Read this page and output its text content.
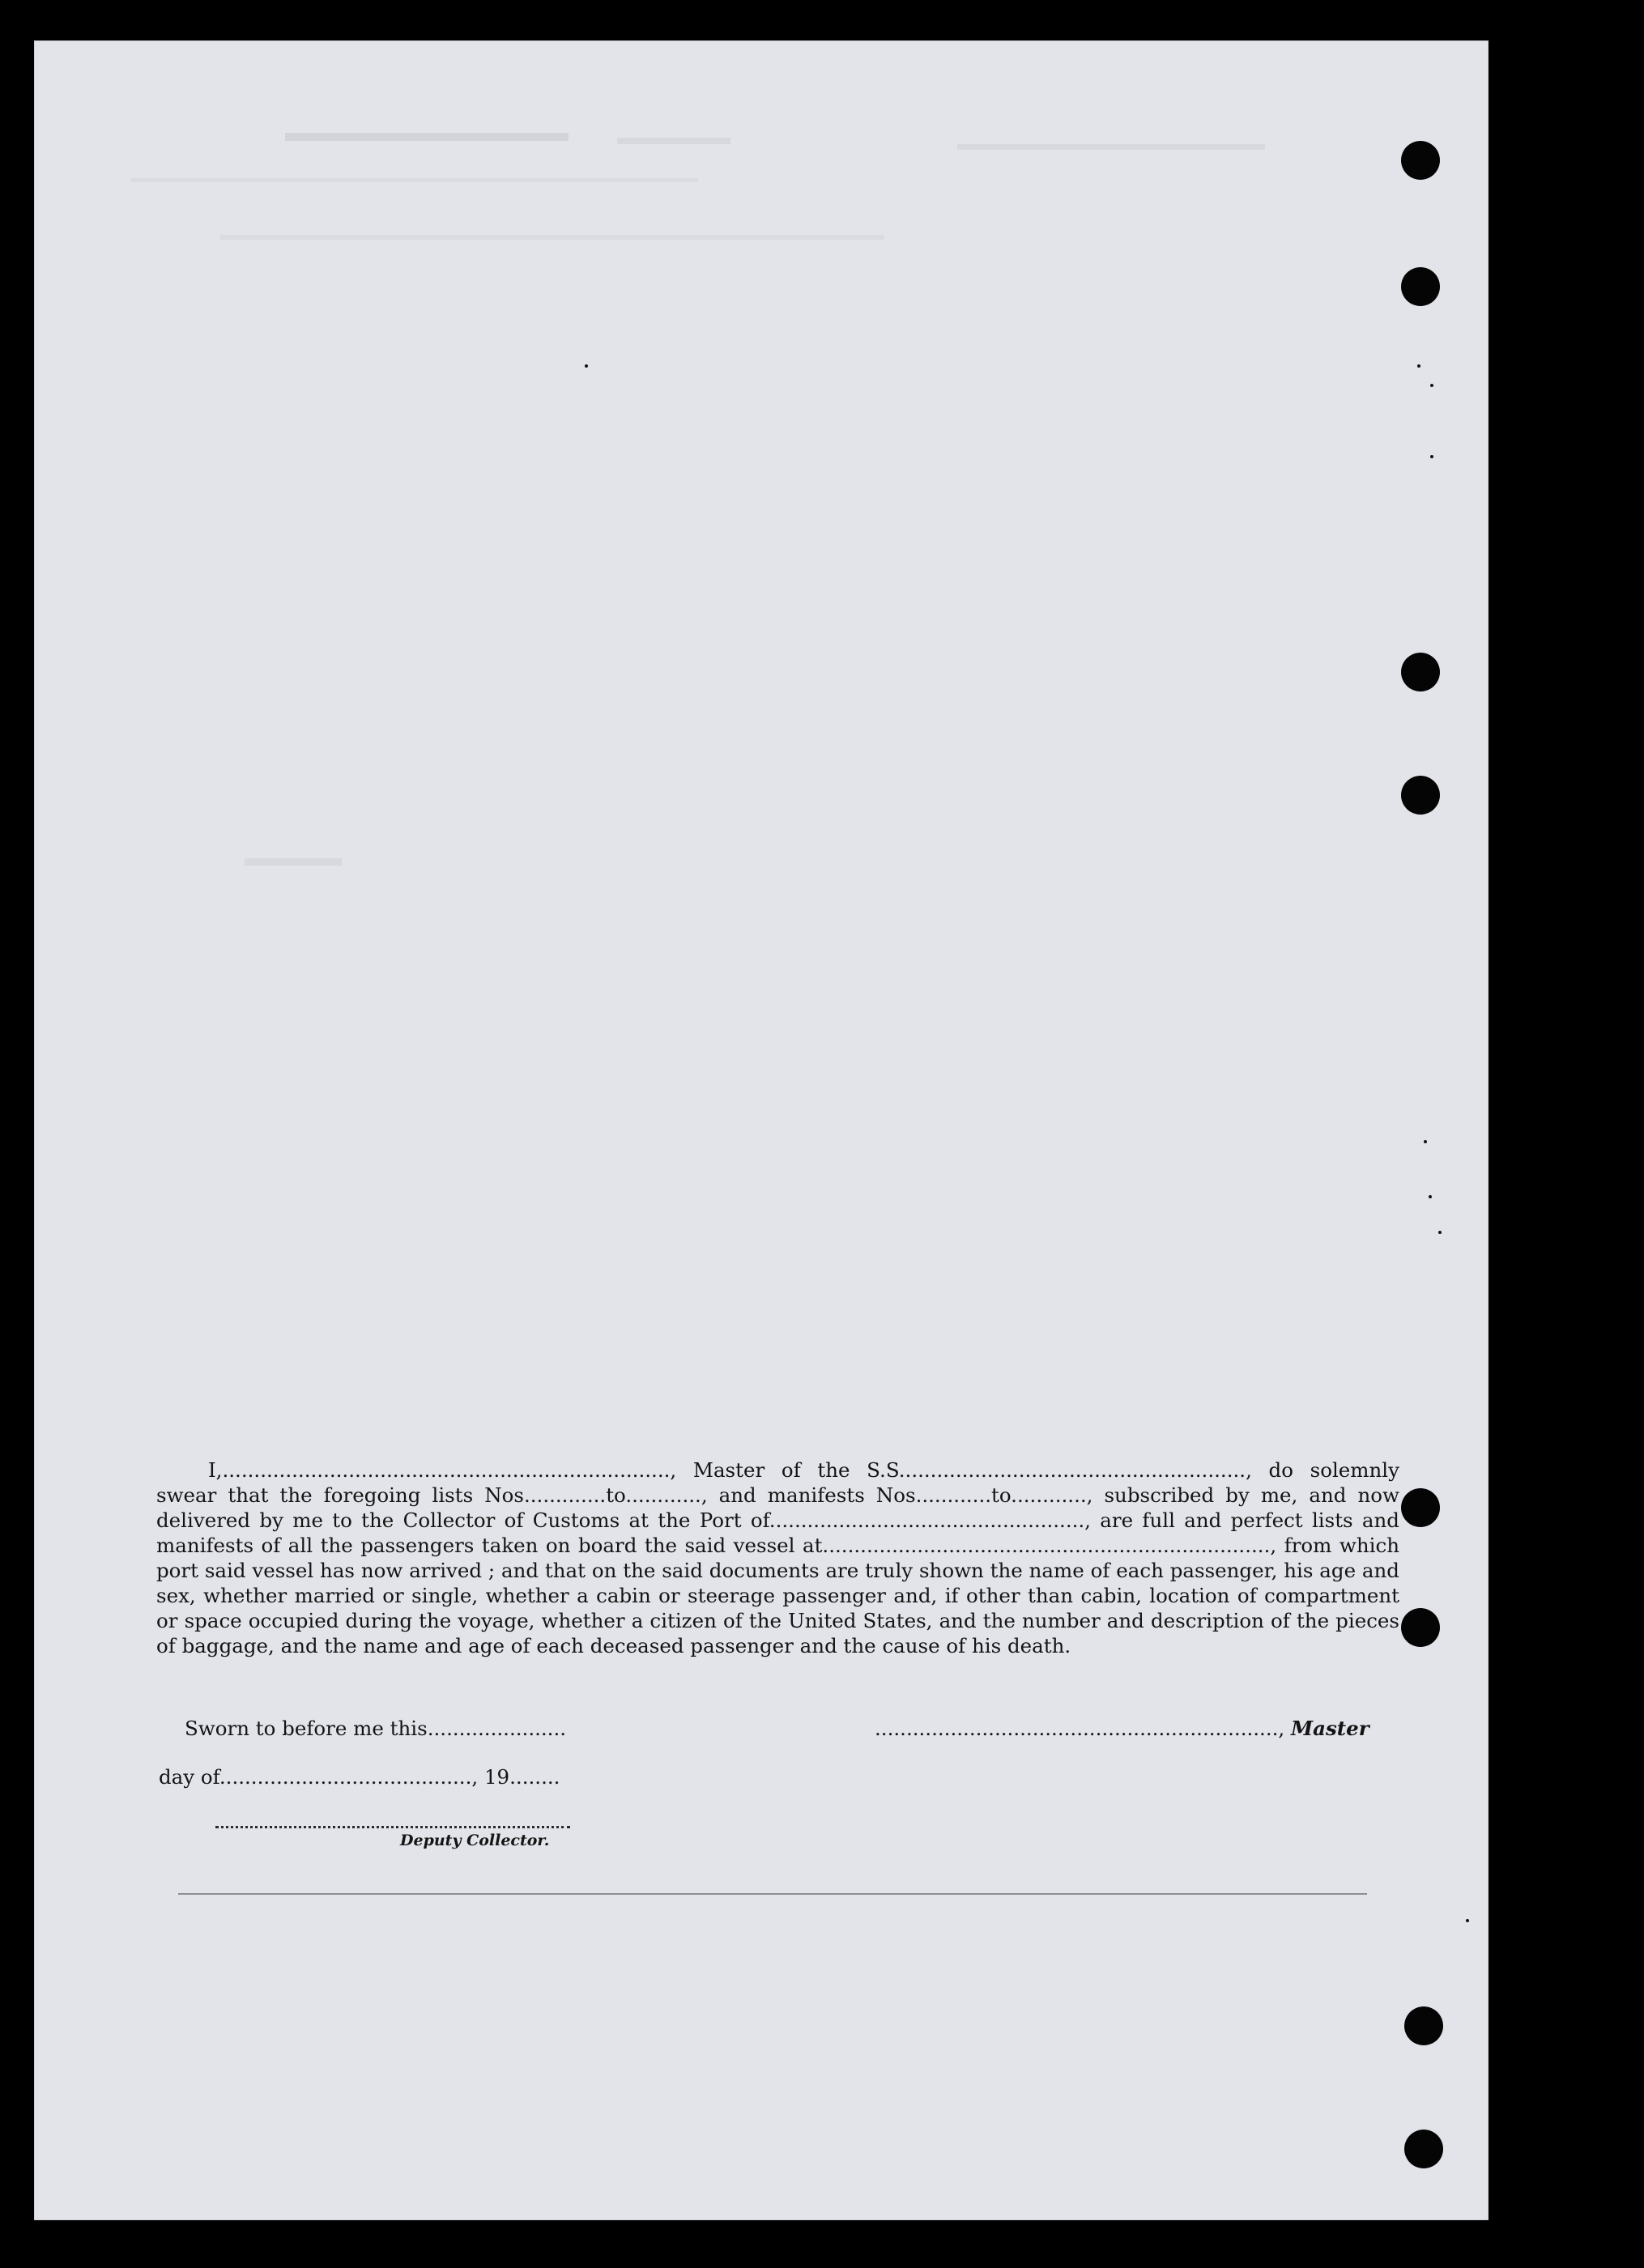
I,......................................................................., Master of the S.S......................................................., do solemnly
swear that the foregoing lists Nos.............to............, and manifests Nos............to............, subscribed by me, and now
delivered by me to the Collector of Customs at the Port of.................................................., are full and perfect lists and
manifests of all the passengers taken on board the said vessel at......................................................................., from which
port said vessel has now arrived ; and that on the said documents are truly shown the name of each passenger, his age and
sex, whether married or single, whether a cabin or steerage passenger and, if other than cabin, location of compartment
or space occupied during the voyage, whether a citizen of the United States, and the number and description of the pieces
of baggage, and the name and age of each deceased passenger and the cause of his death.
Sworn to before me this......................	................................................................, Master
day of........................................, 19........
Deputy Collector.
